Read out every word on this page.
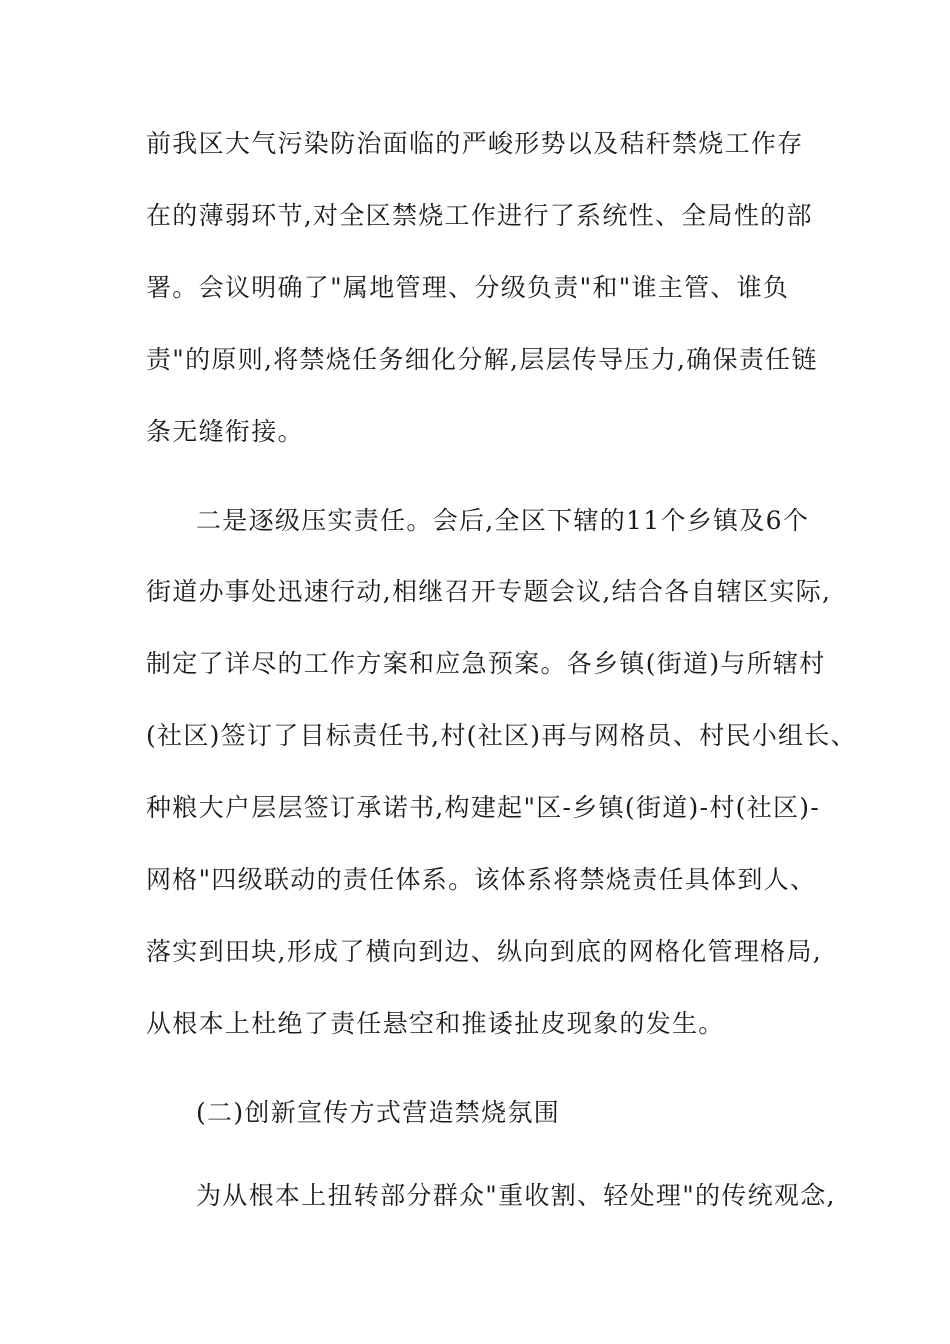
前我区大气污染防治面临的严峻形势以及秸秆禁烧工作存
在的薄弱环节,对全区禁烧工作进行了系统性、全局性的部
署。会议明确了"属地管理、分级负责"和"谁主管、谁负
责"的原则,将禁烧任务细化分解,层层传导压力,确保责任链
条无缝衔接。
二是逐级压实责任。会后,全区下辖的11个乡镇及6个
街道办事处迅速行动,相继召开专题会议,结合各自辖区实际,
制定了详尽的工作方案和应急预案。各乡镇(街道)与所辖村
(社区)签订了目标责任书,村(社区)再与网格员、村民小组长、
种粮大户层层签订承诺书,构建起"区-乡镇(街道)-村(社区)-
网格"四级联动的责任体系。该体系将禁烧责任具体到人、
落实到田块,形成了横向到边、纵向到底的网格化管理格局,
从根本上杜绝了责任悬空和推诿扯皮现象的发生。
(二)创新宣传方式营造禁烧氛围
为从根本上扭转部分群众"重收割、轻处理"的传统观念,
